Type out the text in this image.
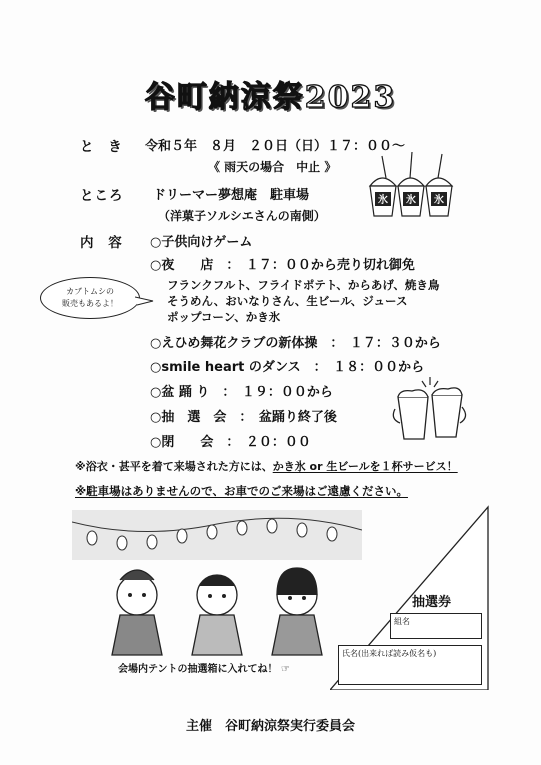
谷町納涼祭2023
と き 令和５年　８月　２０日（日）１７：００～
《 雨天の場合　中止 》
ところ ドリーマー夢想庵　駐車場
（洋菓子ソルシエさんの南側）
氷 氷 氷
内 容 ○子供向けゲーム
○夜　　店　：　１７：００から売り切れ御免
カブトムシの
販売もあるよ！
フランクフルト、フライドポテト、からあげ、焼き鳥
そうめん、おいなりさん、生ビール、ジュース
ポップコーン、かき氷
○えひめ舞花クラブの新体操　：　１７：３０から
○smile heart のダンス　：　１８：００から
○盆 踊 り　：　１９：００から
○抽　選　会　：　盆踊り終了後
○閉　　会　：　２０：００
※浴衣・甚平を着て来場された方には、かき氷 or 生ビールを１杯サービス！
※駐車場はありませんので、お車でのご来場はご遠慮ください。
会場内テントの抽選箱に入れてね！ ☞
抽選券
組名
氏名(出来れば読み仮名も)
主催　谷町納涼祭実行委員会
